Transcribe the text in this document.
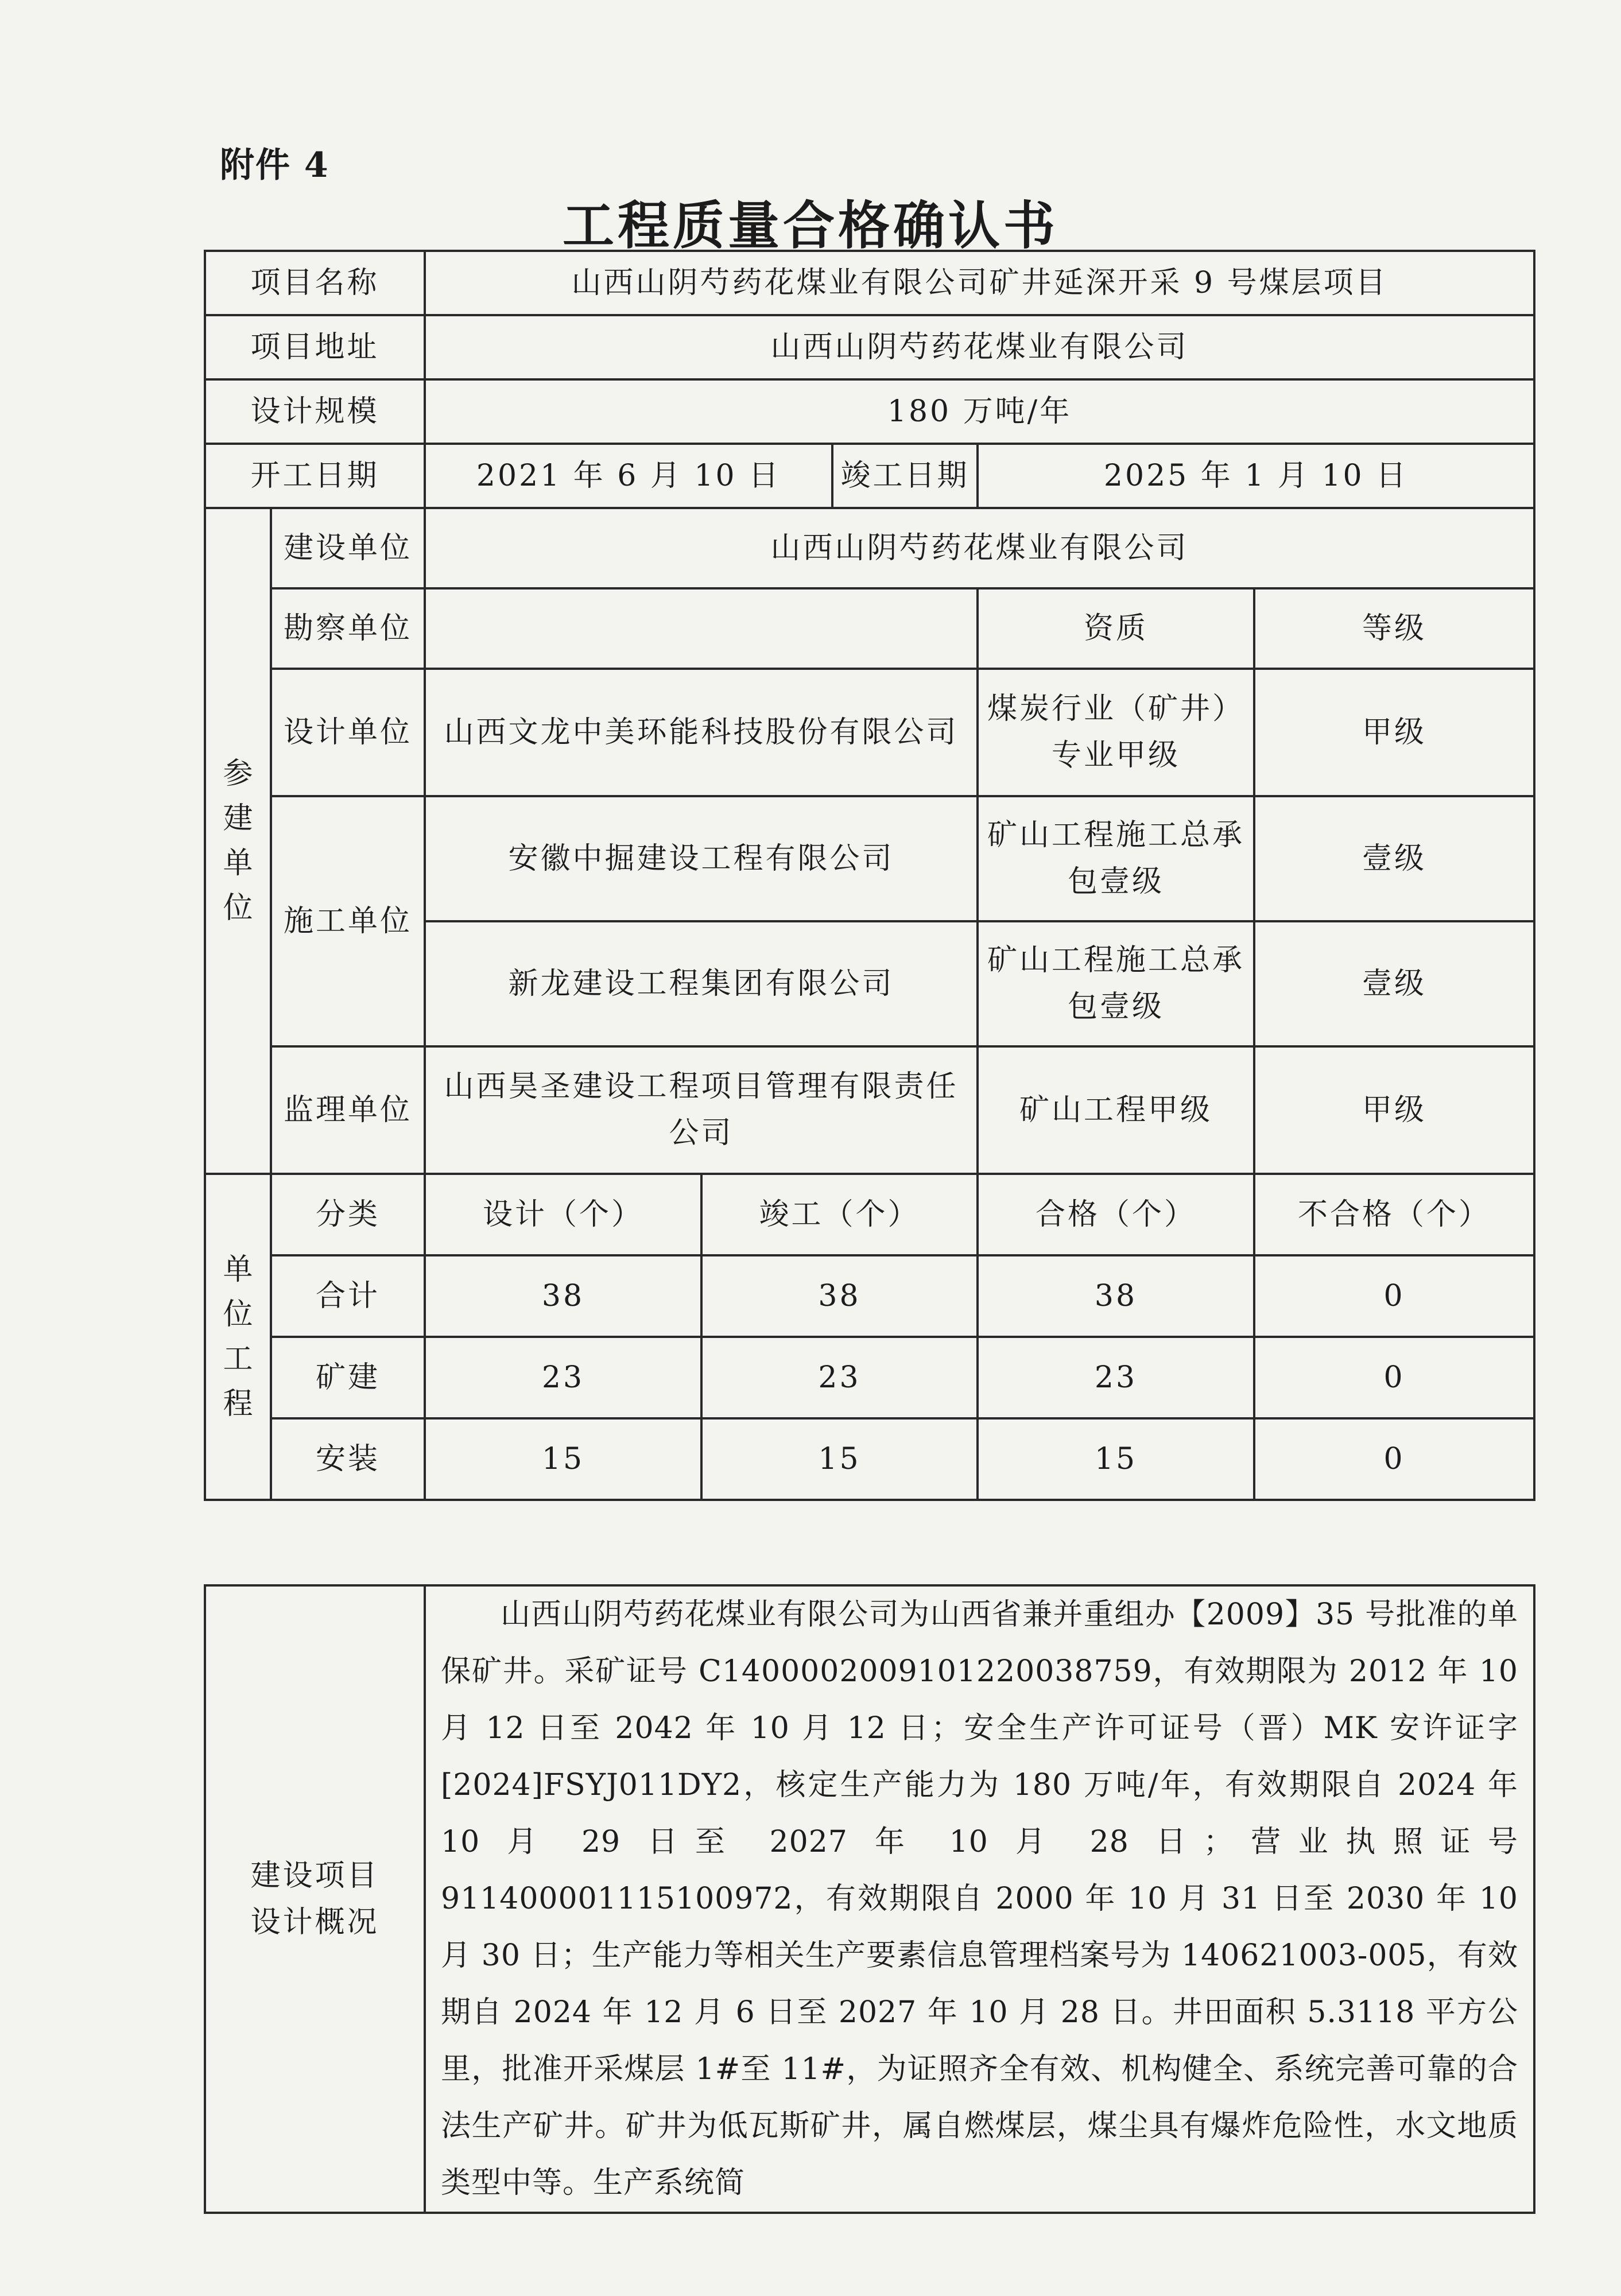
附件 4
工程质量合格确认书
项目名称		山西山阴芍药花煤业有限公司矿井延深开采 9 号煤层项目				
项目地址		山西山阴芍药花煤业有限公司				
设计规模		180 万吨/年				
开工日期		2021 年 6 月 10 日		竣工日期	2025 年 1 月 10 日	

参
建
单
位	建设单位	山西山阴芍药花煤业有限公司				
	勘察单位				资质	等级
	设计单位	山西文龙中美环能科技股份有限公司			煤炭行业（矿井）专业甲级	甲级
	施工单位	安徽中掘建设工程有限公司			矿山工程施工总承包壹级	壹级
		新龙建设工程集团有限公司			矿山工程施工总承包壹级	壹级
	监理单位	山西昊圣建设工程项目管理有限责任公司			矿山工程甲级	甲级

单
位
工
程	分类	设计（个）	竣工（个）		合格（个）	不合格（个）
	合计	38	38		38	0
	矿建	23	23		23	0
	安装	15	15		15	0
建设项目
设计概况

山西山阴芍药花煤业有限公司为山西省兼并重组办【2009】35 号批准的单保矿井。采矿证号 C1400002009101220038759，有效期限为 2012 年 10 月 12 日至 2042 年 10 月 12 日；安全生产许可证号（晋）MK 安许证字[2024]FSYJ011DY2，核定生产能力为 180 万吨/年，有效期限自 2024 年 10 月 29 日至 2027 年 10 月 28 日；营业执照证号 911400001115100972，有效期限自 2000 年 10 月 31 日至 2030 年 10 月 30 日；生产能力等相关生产要素信息管理档案号为 140621003-005，有效期自 2024 年 12 月 6 日至 2027 年 10 月 28 日。井田面积 5.3118 平方公里，批准开采煤层 1#至 11#，为证照齐全有效、机构健全、系统完善可靠的合法生产矿井。矿井为低瓦斯矿井，属自燃煤层，煤尘具有爆炸危险性，水文地质类型中等。生产系统简
